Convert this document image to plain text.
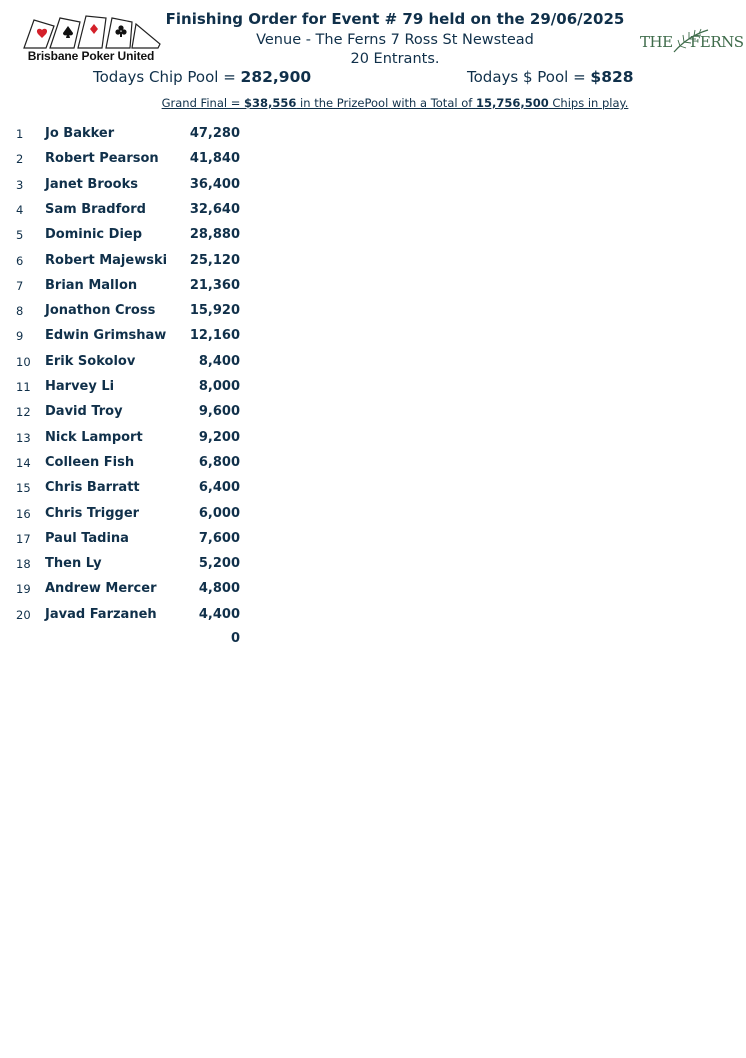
Brisbane Poker United
THE FERNS
Finishing Order for Event # 79 held on the 29/06/2025
Venue - The Ferns 7 Ross St Newstead
20 Entrants.
Todays Chip Pool = 282,900	Todays $ Pool = $828
Grand Final = $38,556 in the PrizePool with a Total of 15,756,500 Chips in play.
1 Jo Bakker	47,280
2 Robert Pearson 41,840
3 Janet Brooks	36,400
4 Sam Bradford	32,640
5 Dominic Diep	28,880
6 Robert Majewski 25,120
7 Brian Mallon	21,360
8 Jonathon Cross	15,920
9 Edwin Grimshaw 12,160
10 Erik Sokolov	8,400
11 Harvey Li	8,000
12 David Troy	9,600
13 Nick Lamport	9,200
14 Colleen Fish	6,800
15 Chris Barratt	6,400
16 Chris Trigger	6,000
17 Paul Tadina	7,600
18 Then Ly	5,200
19 Andrew Mercer	4,800
20 Javad Farzaneh	4,400
0
